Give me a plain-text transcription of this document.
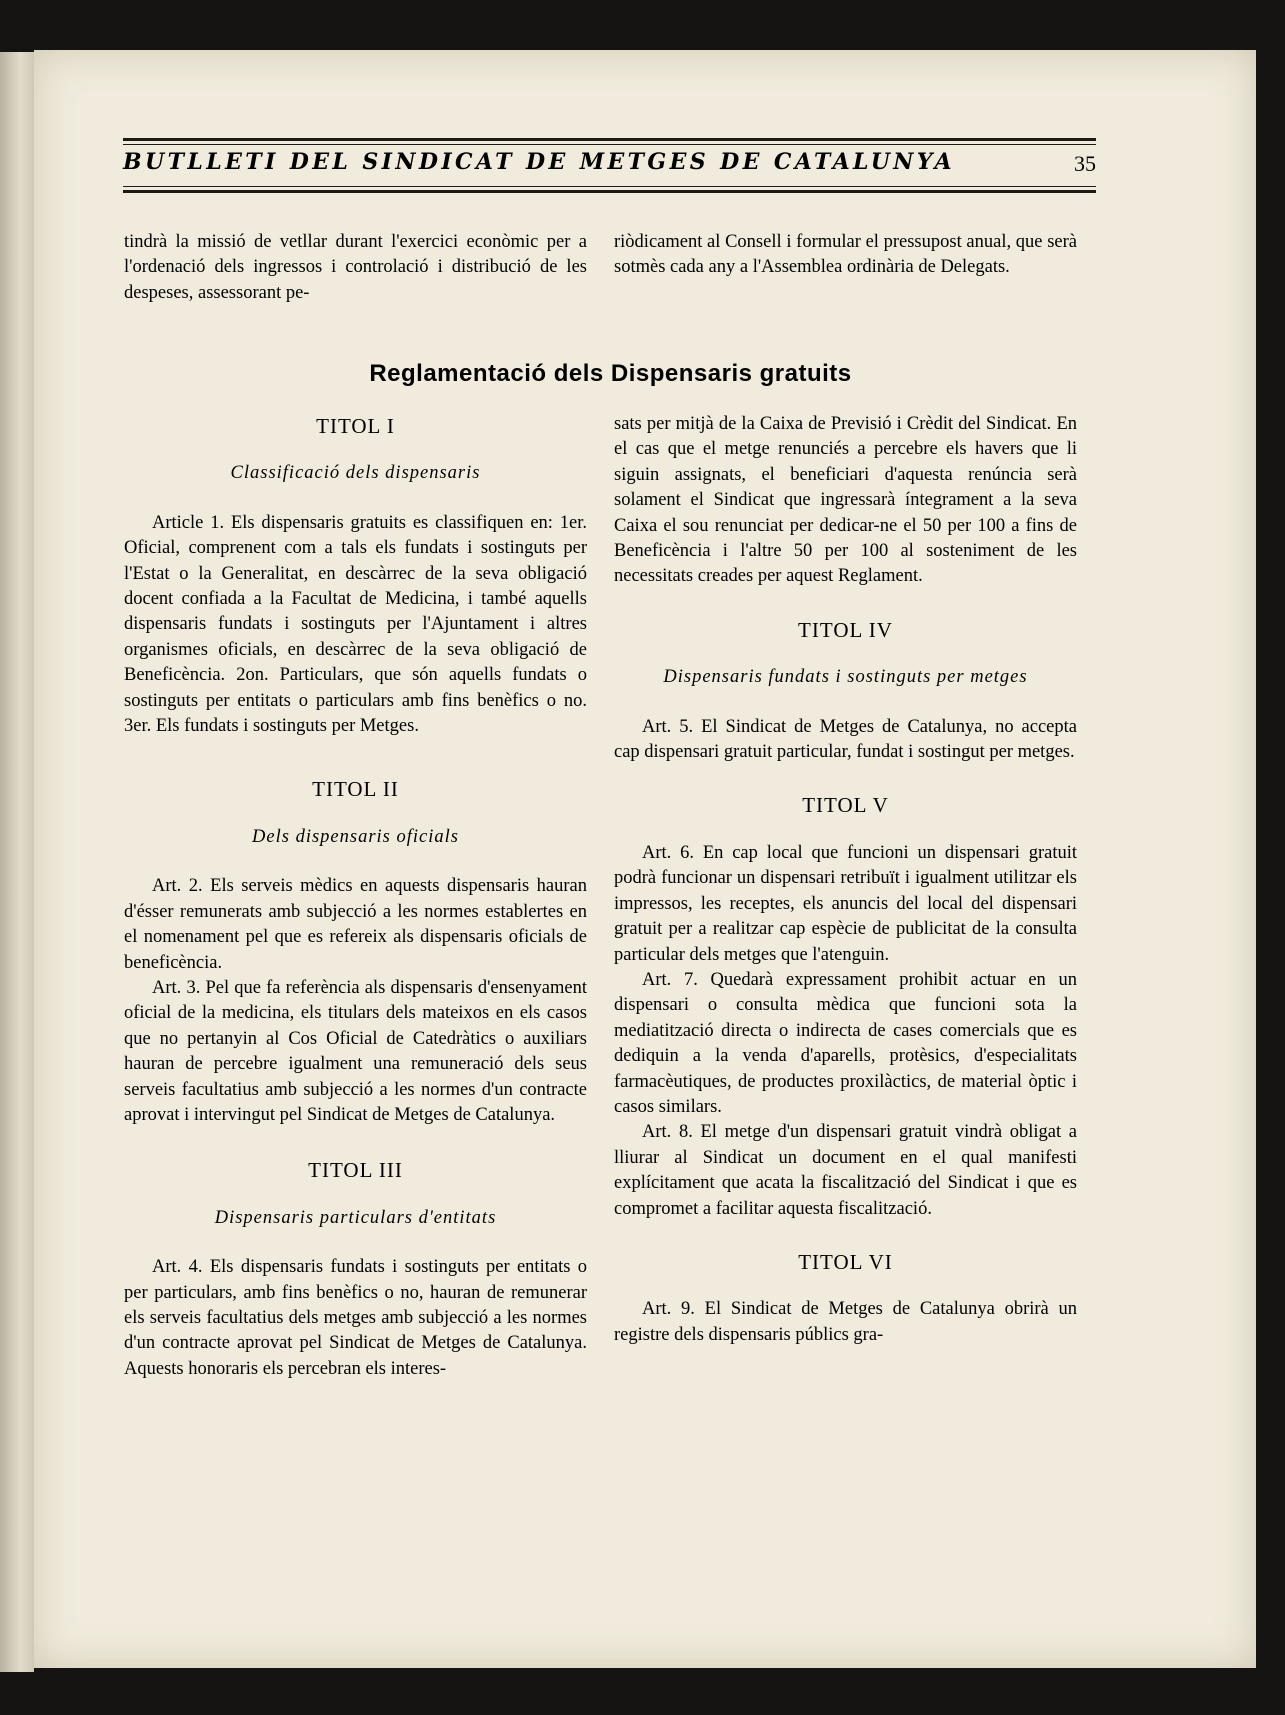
BUTLLETI DEL SINDICAT DE METGES DE CATALUNYA	35

tindrà la missió de vetllar durant l'exercici econòmic per a l'ordenació dels ingressos i controlació i distribució de les despeses, assessorant pe-

riòdicament al Consell i formular el pressupost anual, que serà sotmès cada any a l'Assemblea ordinària de Delegats.

Reglamentació dels Dispensaris gratuits

TITOL I

Classificació dels dispensaris

Article 1. Els dispensaris gratuits es classifiquen en: 1er. Oficial, comprenent com a tals els fundats i sostinguts per l'Estat o la Generalitat, en descàrrec de la seva obligació docent confiada a la Facultat de Medicina, i també aquells dispensaris fundats i sostinguts per l'Ajuntament i altres organismes oficials, en descàrrec de la seva obligació de Beneficència. 2on. Particulars, que són aquells fundats o sostinguts per entitats o particulars amb fins benèfics o no. 3er. Els fundats i sostinguts per Metges.

TITOL II

Dels dispensaris oficials

Art. 2. Els serveis mèdics en aquests dispensaris hauran d'ésser remunerats amb subjecció a les normes establertes en el nomenament pel que es refereix als dispensaris oficials de beneficència.

Art. 3. Pel que fa referència als dispensaris d'ensenyament oficial de la medicina, els titulars dels mateixos en els casos que no pertanyin al Cos Oficial de Catedràtics o auxiliars hauran de percebre igualment una remuneració dels seus serveis facultatius amb subjecció a les normes d'un contracte aprovat i intervingut pel Sindicat de Metges de Catalunya.

TITOL III

Dispensaris particulars d'entitats

Art. 4. Els dispensaris fundats i sostinguts per entitats o per particulars, amb fins benèfics o no, hauran de remunerar els serveis facultatius dels metges amb subjecció a les normes d'un contracte aprovat pel Sindicat de Metges de Catalunya. Aquests honoraris els percebran els interes-

sats per mitjà de la Caixa de Previsió i Crèdit del Sindicat. En el cas que el metge renunciés a percebre els havers que li siguin assignats, el beneficiari d'aquesta renúncia serà solament el Sindicat que ingressarà íntegrament a la seva Caixa el sou renunciat per dedicar-ne el 50 per 100 a fins de Beneficència i l'altre 50 per 100 al sosteniment de les necessitats creades per aquest Reglament.

TITOL IV

Dispensaris fundats i sostinguts per metges

Art. 5. El Sindicat de Metges de Catalunya, no accepta cap dispensari gratuit particular, fundat i sostingut per metges.

TITOL V

Art. 6. En cap local que funcioni un dispensari gratuit podrà funcionar un dispensari retribuït i igualment utilitzar els impressos, les receptes, els anuncis del local del dispensari gratuit per a realitzar cap espècie de publicitat de la consulta particular dels metges que l'atenguin.

Art. 7. Quedarà expressament prohibit actuar en un dispensari o consulta mèdica que funcioni sota la mediatització directa o indirecta de cases comercials que es dediquin a la venda d'aparells, protèsics, d'especialitats farmacèutiques, de productes proxilàctics, de material òptic i casos similars.

Art. 8. El metge d'un dispensari gratuit vindrà obligat a lliurar al Sindicat un document en el qual manifesti explícitament que acata la fiscalització del Sindicat i que es compromet a facilitar aquesta fiscalització.

TITOL VI

Art. 9. El Sindicat de Metges de Catalunya obrirà un registre dels dispensaris públics gra-
